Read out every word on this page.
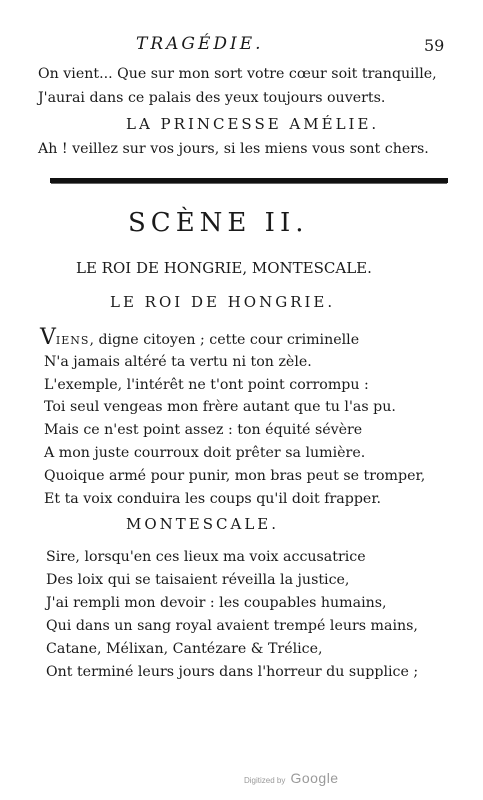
TRAGÉDIE.	59
On vient... Que sur mon sort votre cœur soit tranquille,
J'aurai dans ce palais des yeux toujours ouverts.
LA PRINCESSE AMÉLIE.
Ah ! veillez sur vos jours, si les miens vous sont chers.
SCÈNE II.
LE ROI DE HONGRIE, MONTESCALE.
LE ROI DE HONGRIE.
VIENS, digne citoyen ; cette cour criminelle
N'a jamais altéré ta vertu ni ton zèle.
L'exemple, l'intérêt ne t'ont point corrompu :
Toi seul vengeas mon frère autant que tu l'as pu.
Mais ce n'est point assez : ton équité sévère
A mon juste courroux doit prêter sa lumière.
Quoique armé pour punir, mon bras peut se tromper,
Et ta voix conduira les coups qu'il doit frapper.
MONTESCALE.
Sire, lorsqu'en ces lieux ma voix accusatrice
Des loix qui se taisaient réveilla la justice,
J'ai rempli mon devoir : les coupables humains,
Qui dans un sang royal avaient trempé leurs mains,
Catane, Mélixan, Cantézare & Trélice,
Ont terminé leurs jours dans l'horreur du supplice ;
Digitized by Google
